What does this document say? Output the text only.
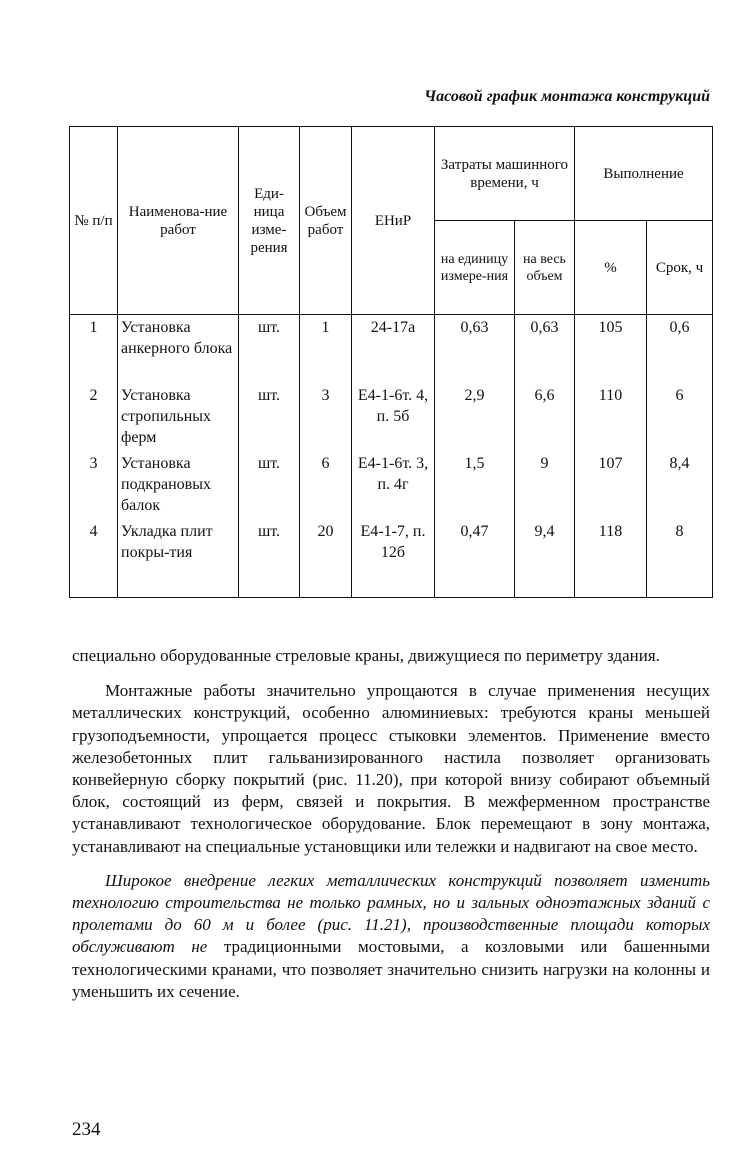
Часовой график монтажа конструкций
№ п/п	Наименова-ние работ	Еди-ница изме-рения	Объем работ	ЕНиР	Затраты машинного времени, ч		Выполнение	
					на единицу измере-ния	на весь объем	%	Срок, ч
1	Установка анкерного блока	шт.	1	24-17а	0,63	0,63	105	0,6
2	Установка стропильных ферм	шт.	3	Е4-1-6т. 4, п. 5б	2,9	6,6	110	6
3	Установка подкрановых балок	шт.	6	Е4-1-6т. 3, п. 4г	1,5	9	107	8,4
4	Укладка плит покры-тия	шт.	20	Е4-1-7, п. 12б	0,47	9,4	118	8

специально оборудованные стреловые краны, движущиеся по периметру здания.

Монтажные работы значительно упрощаются в случае применения несущих металлических конструкций, особенно алюминиевых: требуются краны меньшей грузоподъемности, упрощается процесс стыковки элементов. Применение вместо железобетонных плит гальванизированного настила позволяет организовать конвейерную сборку покрытий (рис. 11.20), при которой внизу собирают объемный блок, состоящий из ферм, связей и покрытия. В межферменном пространстве устанавливают технологическое оборудование. Блок перемещают в зону монтажа, устанавливают на специальные установщики или тележки и надвигают на свое место.

Широкое внедрение легких металлических конструкций позволяет изменить технологию строительства не только рамных, но и зальных одноэтажных зданий с пролетами до 60 м и более (рис. 11.21), производственные площади которых обслуживают не традиционными мостовыми, а козловыми или башенными технологическими кранами, что позволяет значительно снизить нагрузки на колонны и уменьшить их сечение.

234
